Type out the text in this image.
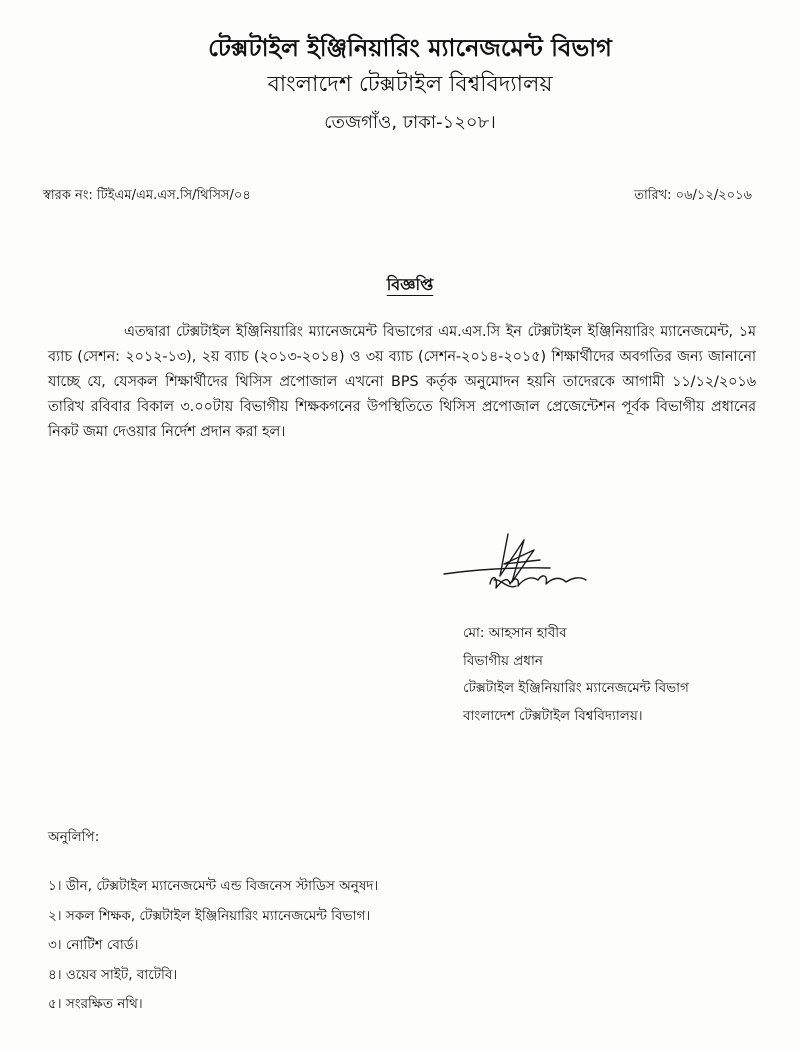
টেক্সটাইল ইঞ্জিনিয়ারিং ম্যানেজমেন্ট বিভাগ
বাংলাদেশ টেক্সটাইল বিশ্ববিদ্যালয়
তেজগাঁও, ঢাকা-১২০৮।
স্বারক নং: টিইএম/এম.এস.সি/থিসিস/০৪	তারিখ: ০৬/১২/২০১৬
বিজ্ঞপ্তি
এতদ্বারা টেক্সটাইল ইঞ্জিনিয়ারিং ম্যানেজমেন্ট বিভাগের এম.এস.সি ইন টেক্সটাইল ইঞ্জিনিয়ারিং ম্যানেজমেন্ট, ১ম ব্যাচ (সেশন: ২০১২-১৩), ২য় ব্যাচ (২০১৩-২০১৪) ও ৩য় ব্যাচ (সেশন-২০১৪-২০১৫) শিক্ষার্থীদের অবগতির জন্য জানানো যাচ্ছে যে, যেসকল শিক্ষার্থীদের থিসিস প্রপোজাল এখনো BPS কর্তৃক অনুমোদন হয়নি তাদেরকে আগামী ১১/১২/২০১৬ তারিখ রবিবার বিকাল ৩.০০টায় বিভাগীয় শিক্ষকগনের উপস্থিতিতে থিসিস প্রপোজাল প্রেজেন্টেশন পূর্বক বিভাগীয় প্রধানের নিকট জমা দেওয়ার নির্দেশ প্রদান করা হল।
মো: আহসান হাবীব
বিভাগীয় প্রধান
টেক্সটাইল ইঞ্জিনিয়ারিং ম্যানেজমেন্ট বিভাগ
বাংলাদেশ টেক্সটাইল বিশ্ববিদ্যালয়।
অনুলিপি:
১। ডীন, টেক্সটাইল ম্যানেজমেন্ট এন্ড বিজনেস স্টাডিস অনুষদ।
২। সকল শিক্ষক, টেক্সটাইল ইঞ্জিনিয়ারিং ম্যানেজমেন্ট বিভাগ।
৩। নোটিশ বোর্ড।
৪। ওয়েব সাইট, বাটেবি।
৫। সংরক্ষিত নথি।
